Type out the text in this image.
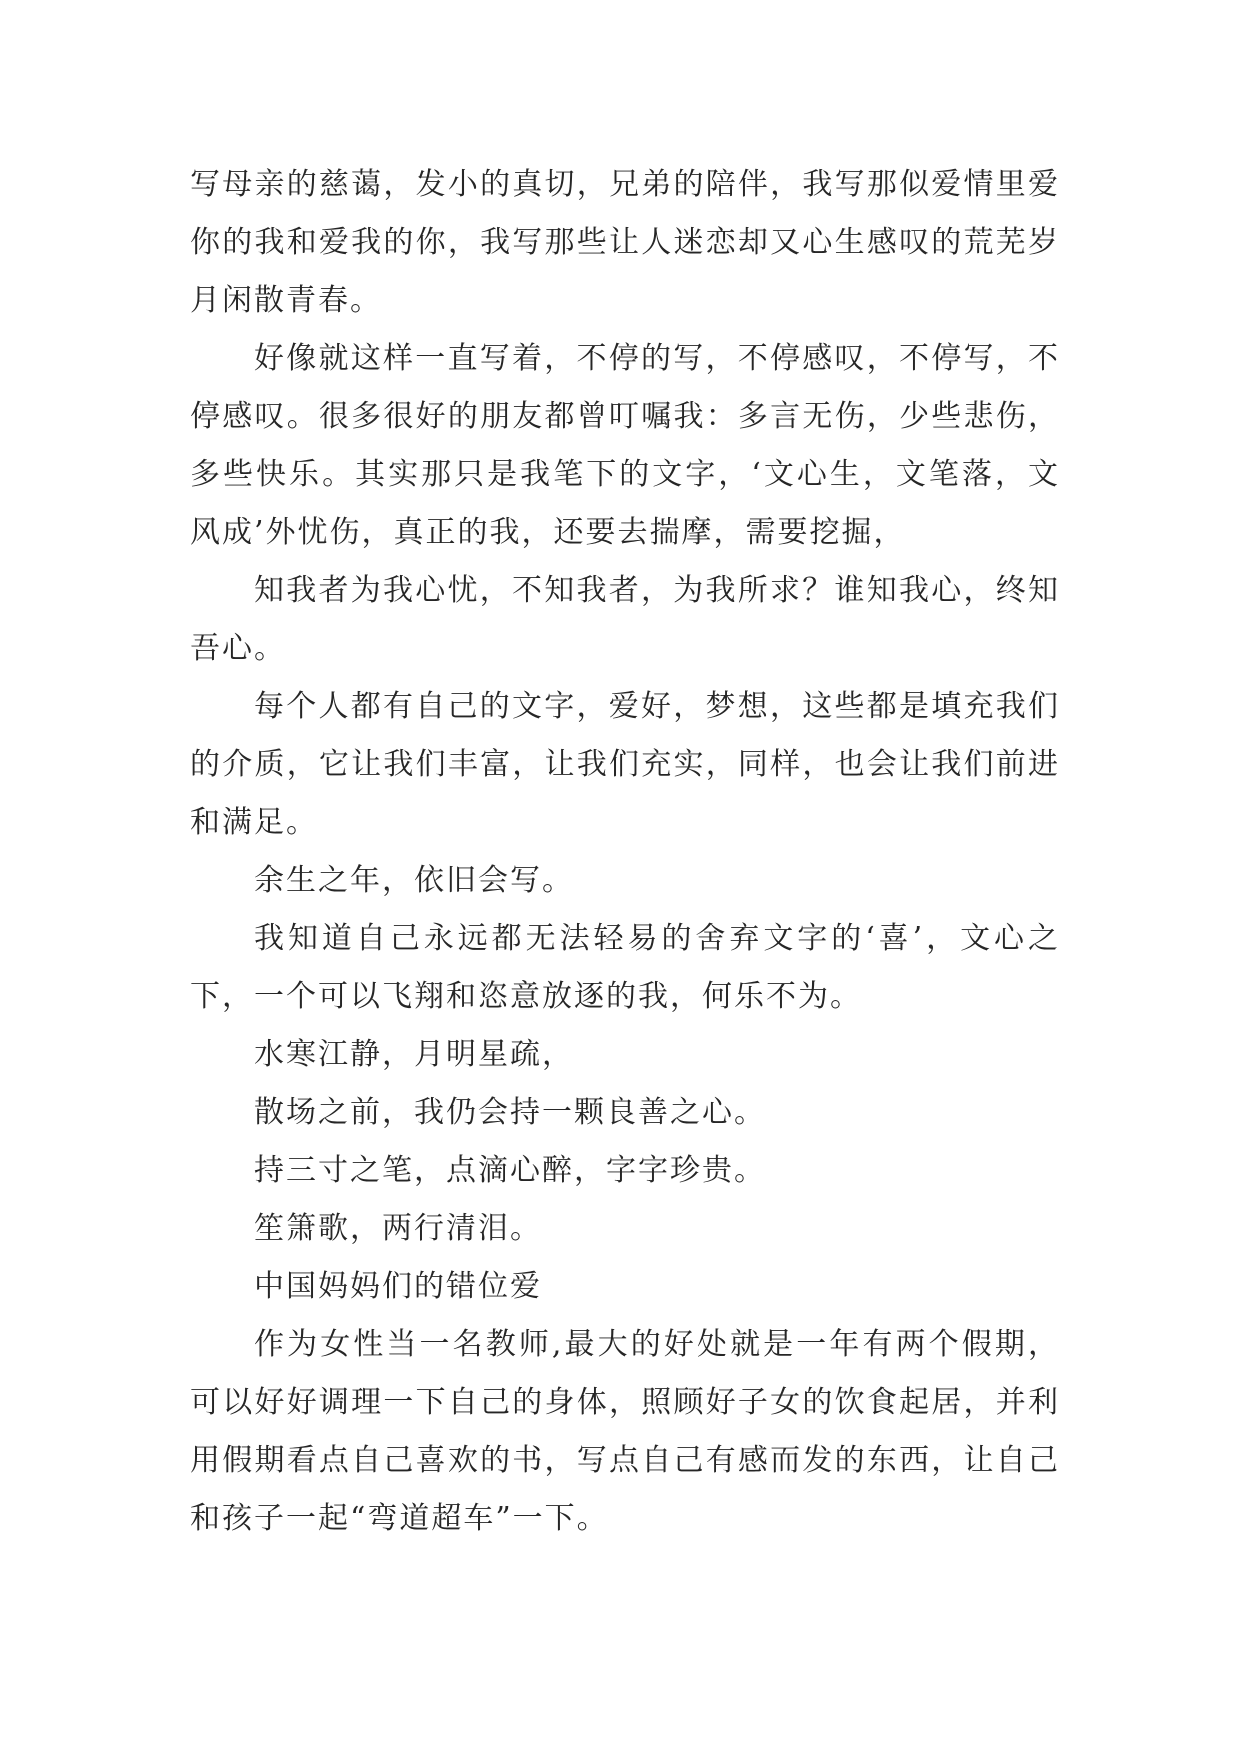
写母亲的慈蔼，发小的真切，兄弟的陪伴，我写那似爱情里爱你的我和爱我的你，我写那些让人迷恋却又心生感叹的荒芜岁月闲散青春。

好像就这样一直写着，不停的写，不停感叹，不停写，不停感叹。很多很好的朋友都曾叮嘱我：多言无伤，少些悲伤，多些快乐。其实那只是我笔下的文字，‘文心生，文笔落，文风成’外忧伤，真正的我，还要去揣摩，需要挖掘，

知我者为我心忧，不知我者，为我所求？谁知我心，终知吾心。

每个人都有自己的文字，爱好，梦想，这些都是填充我们的介质，它让我们丰富，让我们充实，同样，也会让我们前进和满足。

余生之年，依旧会写。

我知道自己永远都无法轻易的舍弃文字的‘喜’，文心之下，一个可以飞翔和恣意放逐的我，何乐不为。

水寒江静，月明星疏，

散场之前，我仍会持一颗良善之心。

持三寸之笔，点滴心醉，字字珍贵。

笙箫歌，两行清泪。

中国妈妈们的错位爱

作为女性当一名教师,最大的好处就是一年有两个假期，可以好好调理一下自己的身体，照顾好子女的饮食起居，并利用假期看点自己喜欢的书，写点自己有感而发的东西，让自己和孩子一起“弯道超车”一下。
